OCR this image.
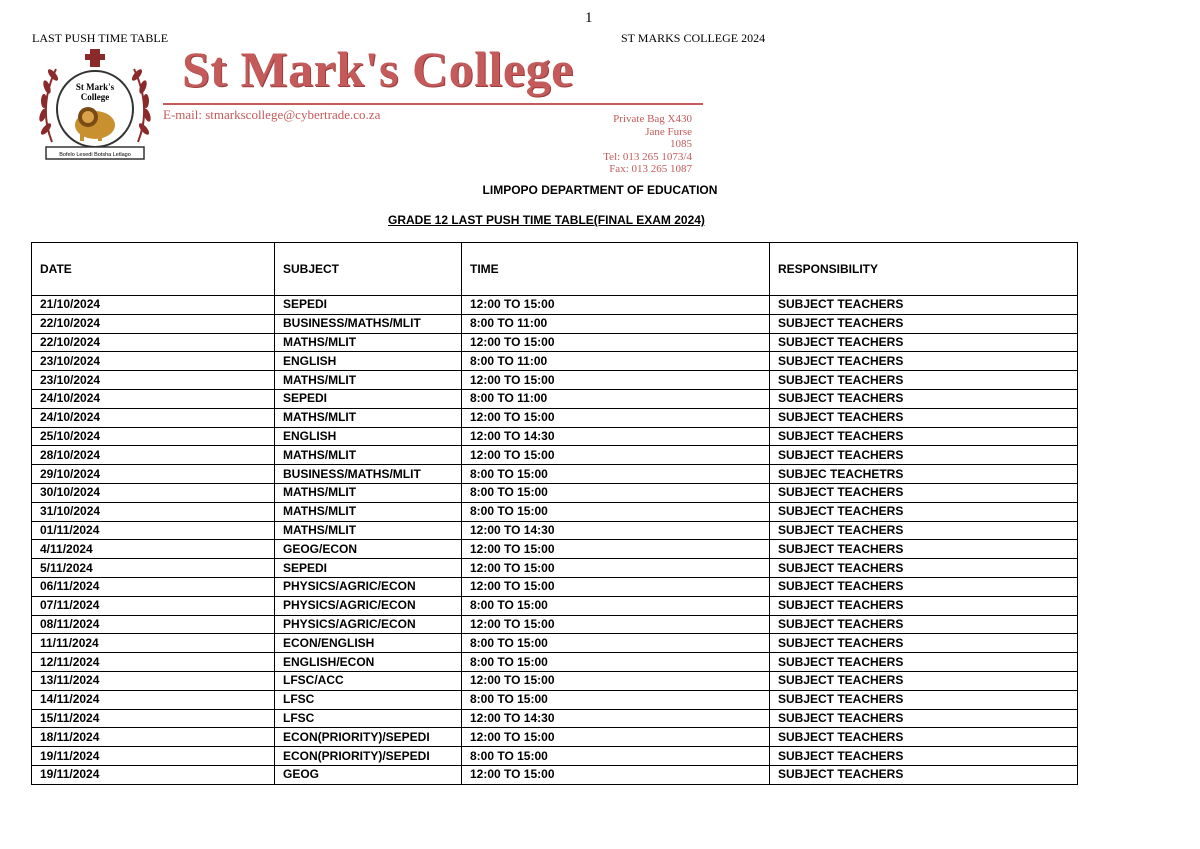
1
LAST PUSH TIME TABLE	ST MARKS COLLEGE 2024
St Mark's
College
Bofelo Lesedi Botsha Letlago
St Mark's College
E-mail: stmarkscollege@cybertrade.co.za	Private Bag X430
Jane Furse
1085
Tel: 013 265 1073/4
Fax: 013 265 1087
LIMPOPO DEPARTMENT OF EDUCATION
GRADE 12 LAST PUSH TIME TABLE(FINAL EXAM 2024)
DATE	SUBJECT	TIME	RESPONSIBILITY
21/10/2024	SEPEDI	12:00 TO 15:00	SUBJECT TEACHERS
22/10/2024	BUSINESS/MATHS/MLIT	8:00 TO 11:00	SUBJECT TEACHERS
22/10/2024	MATHS/MLIT	12:00 TO 15:00	SUBJECT TEACHERS
23/10/2024	ENGLISH	8:00 TO 11:00	SUBJECT TEACHERS
23/10/2024	MATHS/MLIT	12:00 TO 15:00	SUBJECT TEACHERS
24/10/2024	SEPEDI	8:00 TO 11:00	SUBJECT TEACHERS
24/10/2024	MATHS/MLIT	12:00 TO 15:00	SUBJECT TEACHERS
25/10/2024	ENGLISH	12:00 TO 14:30	SUBJECT TEACHERS
28/10/2024	MATHS/MLIT	12:00 TO 15:00	SUBJECT TEACHERS
29/10/2024	BUSINESS/MATHS/MLIT	8:00 TO 15:00	SUBJEC TEACHETRS
30/10/2024	MATHS/MLIT	8:00 TO 15:00	SUBJECT TEACHERS
31/10/2024	MATHS/MLIT	8:00 TO 15:00	SUBJECT TEACHERS
01/11/2024	MATHS/MLIT	12:00 TO 14:30	SUBJECT TEACHERS
4/11/2024	GEOG/ECON	12:00 TO 15:00	SUBJECT TEACHERS
5/11/2024	SEPEDI	12:00 TO 15:00	SUBJECT TEACHERS
06/11/2024	PHYSICS/AGRIC/ECON	12:00 TO 15:00	SUBJECT TEACHERS
07/11/2024	PHYSICS/AGRIC/ECON	8:00 TO 15:00	SUBJECT TEACHERS
08/11/2024	PHYSICS/AGRIC/ECON	12:00 TO 15:00	SUBJECT TEACHERS
11/11/2024	ECON/ENGLISH	8:00 TO 15:00	SUBJECT TEACHERS
12/11/2024	ENGLISH/ECON	8:00 TO 15:00	SUBJECT TEACHERS
13/11/2024	LFSC/ACC	12:00 TO 15:00	SUBJECT TEACHERS
14/11/2024	LFSC	8:00 TO 15:00	SUBJECT TEACHERS
15/11/2024	LFSC	12:00 TO 14:30	SUBJECT TEACHERS
18/11/2024	ECON(PRIORITY)/SEPEDI	12:00 TO 15:00	SUBJECT TEACHERS
19/11/2024	ECON(PRIORITY)/SEPEDI	8:00 TO 15:00	SUBJECT TEACHERS
19/11/2024	GEOG	12:00 TO 15:00	SUBJECT TEACHERS
